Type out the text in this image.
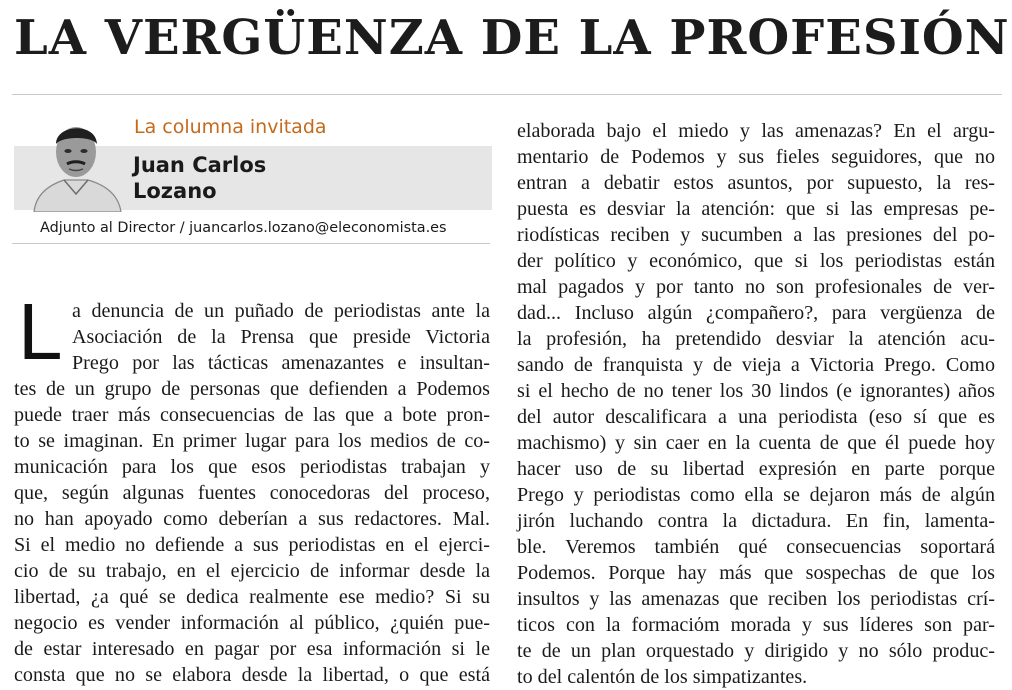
LA VERGÜENZA DE LA PROFESIÓN
La columna invitada
Juan Carlos
Lozano
Adjunto al Director / juancarlos.lozano@eleconomista.es
L a denuncia de un puñado de periodistas ante la
Asociación de la Prensa que preside Victoria
Prego por las tácticas amenazantes e insultan-
tes de un grupo de personas que defienden a Podemos
puede traer más consecuencias de las que a bote pron-
to se imaginan. En primer lugar para los medios de co-
municación para los que esos periodistas trabajan y
que, según algunas fuentes conocedoras del proceso,
no han apoyado como deberían a sus redactores. Mal.
Si el medio no defiende a sus periodistas en el ejerci-
cio de su trabajo, en el ejercicio de informar desde la
libertad, ¿a qué se dedica realmente ese medio? Si su
negocio es vender información al público, ¿quién pue-
de estar interesado en pagar por esa información si le
consta que no se elabora desde la libertad, o que está
elaborada bajo el miedo y las amenazas? En el argu-
mentario de Podemos y sus fieles seguidores, que no
entran a debatir estos asuntos, por supuesto, la res-
puesta es desviar la atención: que si las empresas pe-
riodísticas reciben y sucumben a las presiones del po-
der político y económico, que si los periodistas están
mal pagados y por tanto no son profesionales de ver-
dad... Incluso algún ¿compañero?, para vergüenza de
la profesión, ha pretendido desviar la atención acu-
sando de franquista y de vieja a Victoria Prego. Como
si el hecho de no tener los 30 lindos (e ignorantes) años
del autor descalificara a una periodista (eso sí que es
machismo) y sin caer en la cuenta de que él puede hoy
hacer uso de su libertad expresión en parte porque
Prego y periodistas como ella se dejaron más de algún
jirón luchando contra la dictadura. En fin, lamenta-
ble. Veremos también qué consecuencias soportará
Podemos. Porque hay más que sospechas de que los
insultos y las amenazas que reciben los periodistas crí-
ticos con la formaciόm morada y sus líderes son par-
te de un plan orquestado y dirigido y no sólo produc-
to del calentón de los simpatizantes.
